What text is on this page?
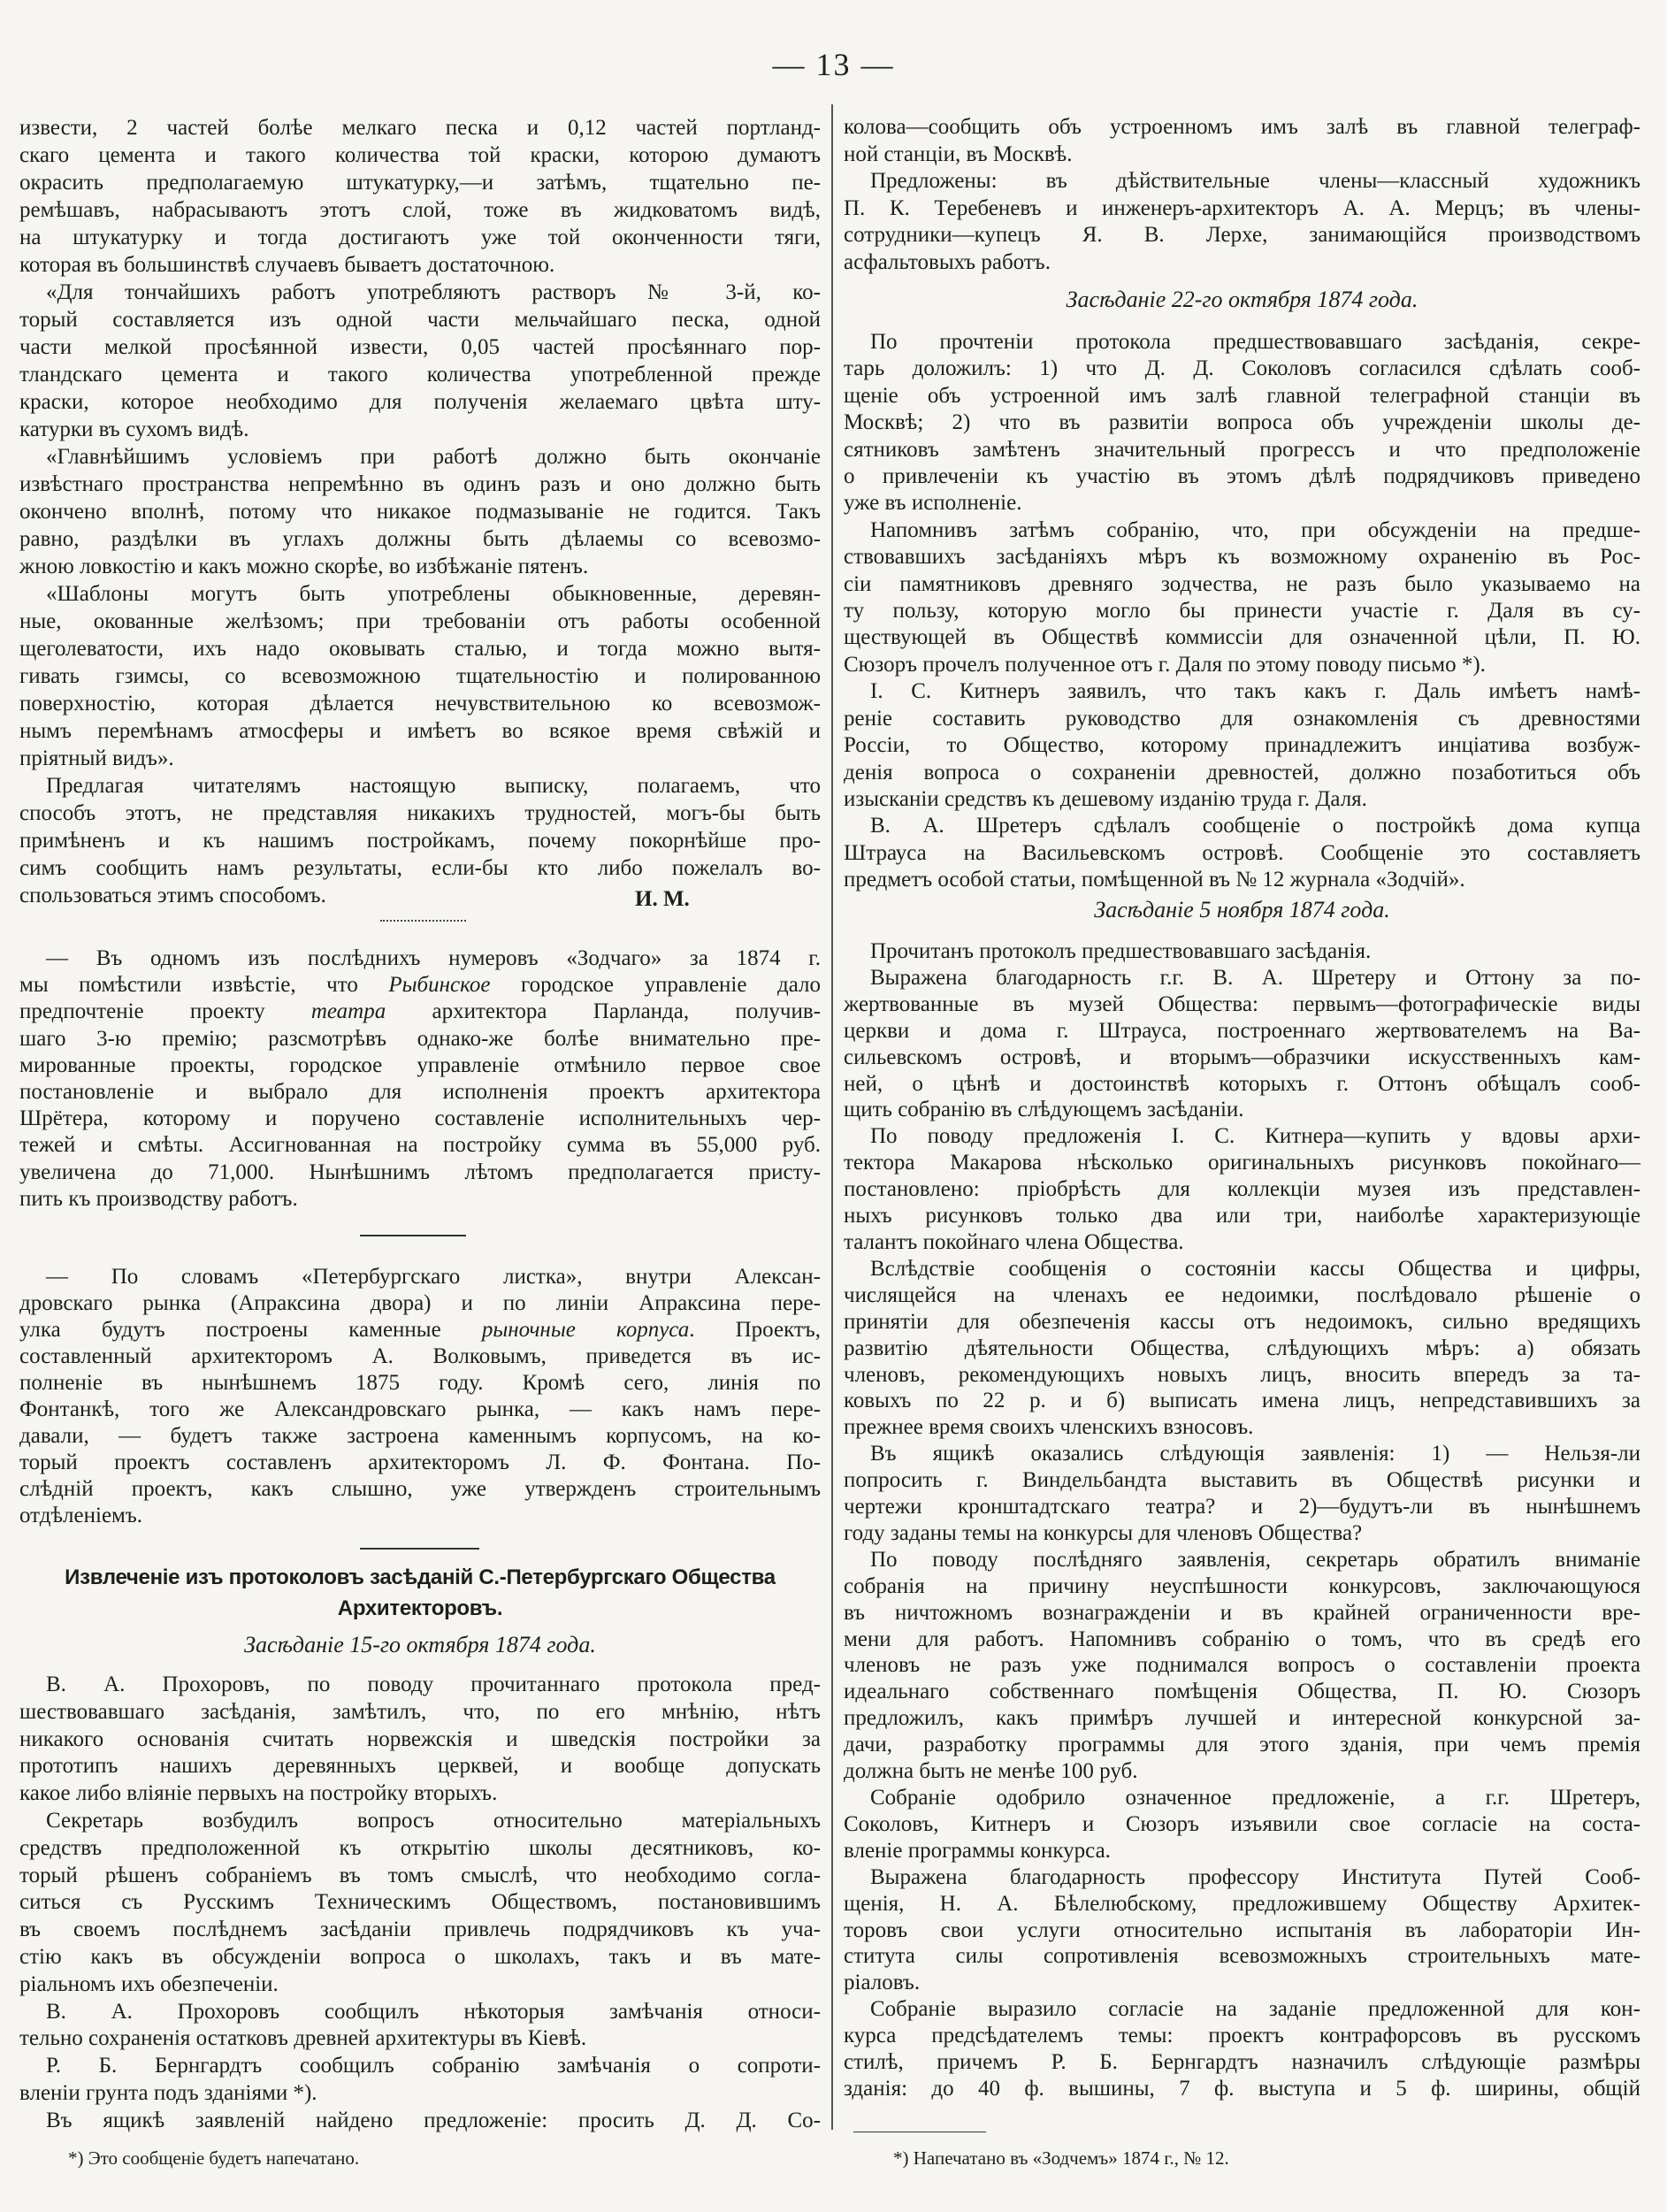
— 13 —
извести, 2 частей болѣе мелкаго песка и 0,12 частей портланд-
скаго цемента и такого количества той краски, которою думаютъ
окрасить предполагаемую штукатурку,—и затѣмъ, тщательно пе-
ремѣшавъ, набрасываютъ этотъ слой, тоже въ жидковатомъ видѣ,
на штукатурку и тогда достигаютъ уже той оконченности тяги,
которая въ большинствѣ случаевъ бываетъ достаточною.
«Для тончайшихъ работъ употребляютъ растворъ № 3-й, ко-
торый составляется изъ одной части мельчайшаго песка, одной
части мелкой просѣянной извести, 0,05 частей просѣяннаго пор-
тландскаго цемента и такого количества употребленной прежде
краски, которое необходимо для полученія желаемаго цвѣта шту-
катурки въ сухомъ видѣ.
«Главнѣйшимъ условіемъ при работѣ должно быть окончаніе
извѣстнаго пространства непремѣнно въ одинъ разъ и оно должно быть
окончено вполнѣ, потому что никакое подмазываніе не годится. Такъ
равно, раздѣлки въ углахъ должны быть дѣлаемы со всевозмо-
жною ловкостію и какъ можно скорѣе, во избѣжаніе пятенъ.
«Шаблоны могутъ быть употреблены обыкновенные, деревян-
ные, окованные желѣзомъ; при требованіи отъ работы особенной
щеголеватости, ихъ надо оковывать сталью, и тогда можно вытя-
гивать гзимсы, со всевозможною тщательностію и полированною
поверхностію, которая дѣлается нечувствительною ко всевозмож-
нымъ перемѣнамъ атмосферы и имѣетъ во всякое время свѣжій и
пріятный видъ».
Предлагая читателямъ настоящую выписку, полагаемъ, что
способъ этотъ, не представляя никакихъ трудностей, могъ-бы быть
примѣненъ и къ нашимъ постройкамъ, почему покорнѣйше про-
симъ сообщить намъ результаты, если-бы кто либо пожелалъ во-
спользоваться этимъ способомъ.	И. М.
— Въ одномъ изъ послѣднихъ нумеровъ «Зодчаго» за 1874 г.
мы помѣстили извѣстіе, что Рыбинское городское управленіе дало
предпочтеніе проекту театра архитектора Парланда, получив-
шаго 3-ю премію; разсмотрѣвъ однако-же болѣе внимательно пре-
мированные проекты, городское управленіе отмѣнило первое свое
постановленіе и выбрало для исполненія проектъ архитектора
Шрётера, которому и поручено составленіе исполнительныхъ чер-
тежей и смѣты. Ассигнованная на постройку сумма въ 55,000 руб.
увеличена до 71,000. Нынѣшнимъ лѣтомъ предполагается присту-
пить къ производству работъ.
— По словамъ «Петербургскаго листка», внутри Алексан-
дровскаго рынка (Апраксина двора) и по линіи Апраксина пере-
улка будутъ построены каменные рыночные корпуса. Проектъ,
составленный архитекторомъ А. Волковымъ, приведется въ ис-
полненіе въ нынѣшнемъ 1875 году. Кромѣ сего, линія по
Фонтанкѣ, того же Александровскаго рынка, — какъ намъ пере-
давали, — будетъ также застроена каменнымъ корпусомъ, на ко-
торый проектъ составленъ архитекторомъ Л. Ф. Фонтана. По-
слѣдній проектъ, какъ слышно, уже утвержденъ строительнымъ
отдѣленіемъ.
Извлеченіе изъ протоколовъ засѣданій С.-Петербургскаго Общества
Архитекторовъ.
Засѣданіе 15-го октября 1874 года.
В. А. Прохоровъ, по поводу прочитаннаго протокола пред-
шествовавшаго засѣданія, замѣтилъ, что, по его мнѣнію, нѣтъ
никакого основанія считать норвежскія и шведскія постройки за
прототипъ нашихъ деревянныхъ церквей, и вообще допускать
какое либо вліяніе первыхъ на постройку вторыхъ.
Секретарь возбудилъ вопросъ относительно матеріальныхъ
средствъ предположенной къ открытію школы десятниковъ, ко-
торый рѣшенъ собраніемъ въ томъ смыслѣ, что необходимо согла-
ситься съ Русскимъ Техническимъ Обществомъ, постановившимъ
въ своемъ послѣднемъ засѣданіи привлечь подрядчиковъ къ уча-
стію какъ въ обсужденіи вопроса о школахъ, такъ и въ мате-
ріальномъ ихъ обезпеченіи.
В. А. Прохоровъ сообщилъ нѣкоторыя замѣчанія относи-
тельно сохраненія остатковъ древней архитектуры въ Кіевѣ.
Р. Б. Бернгардтъ сообщилъ собранію замѣчанія о сопроти-
вленіи грунта подъ зданіями *).
Въ ящикѣ заявленій найдено предложеніе: просить Д. Д. Со-
*) Это сообщеніе будетъ напечатано.
колова—сообщить объ устроенномъ имъ залѣ въ главной телеграф-
ной станціи, въ Москвѣ.
Предложены: въ дѣйствительные члены—классный художникъ
П. К. Теребеневъ и инженеръ-архитекторъ А. А. Мерцъ; въ члены-
сотрудники—купецъ Я. В. Лерхе, занимающійся производствомъ
асфальтовыхъ работъ.
Засѣданіе 22-го октября 1874 года.
По прочтеніи протокола предшествовавшаго засѣданія, секре-
тарь доложилъ: 1) что Д. Д. Соколовъ согласился сдѣлать сооб-
щеніе объ устроенной имъ залѣ главной телеграфной станціи въ
Москвѣ; 2) что въ развитіи вопроса объ учрежденіи школы де-
сятниковъ замѣтенъ значительный прогрессъ и что предположеніе
о привлеченіи къ участію въ этомъ дѣлѣ подрядчиковъ приведено
уже въ исполненіе.
Напомнивъ затѣмъ собранію, что, при обсужденіи на предше-
ствовавшихъ засѣданіяхъ мѣръ къ возможному охраненію въ Рос-
сіи памятниковъ древняго зодчества, не разъ было указываемо на
ту пользу, которую могло бы принести участіе г. Даля въ су-
ществующей въ Обществѣ коммиссіи для означенной цѣли, П. Ю.
Сюзоръ прочелъ полученное отъ г. Даля по этому поводу письмо *).
I. С. Китнеръ заявилъ, что такъ какъ г. Даль имѣетъ намѣ-
реніе составить руководство для ознакомленія съ древностями
Россіи, то Общество, которому принадлежитъ инціатива возбуж-
денія вопроса о сохраненіи древностей, должно позаботиться объ
изысканіи средствъ къ дешевому изданію труда г. Даля.
В. А. Шретеръ сдѣлалъ сообщеніе о постройкѣ дома купца
Штрауса на Васильевскомъ островѣ. Сообщеніе это составляетъ
предметъ особой статьи, помѣщенной въ № 12 журнала «Зодчій».
Засѣданіе 5 ноября 1874 года.
Прочитанъ протоколъ предшествовавшаго засѣданія.
Выражена благодарность г.г. В. А. Шретеру и Оттону за по-
жертвованные въ музей Общества: первымъ—фотографическіе виды
церкви и дома г. Штрауса, построеннаго жертвователемъ на Ва-
сильевскомъ островѣ, и вторымъ—образчики искусственныхъ кам-
ней, о цѣнѣ и достоинствѣ которыхъ г. Оттонъ обѣщалъ сооб-
щить собранію въ слѣдующемъ засѣданіи.
По поводу предложенія I. С. Китнера—купить у вдовы архи-
тектора Макарова нѣсколько оригинальныхъ рисунковъ покойнаго—
постановлено: пріобрѣсть для коллекціи музея изъ представлен-
ныхъ рисунковъ только два или три, наиболѣе характеризующіе
талантъ покойнаго члена Общества.
Вслѣдствіе сообщенія о состояніи кассы Общества и цифры,
числящейся на членахъ ее недоимки, послѣдовало рѣшеніе о
принятіи для обезпеченія кассы отъ недоимокъ, сильно вредящихъ
развитію дѣятельности Общества, слѣдующихъ мѣръ: а) обязать
членовъ, рекомендующихъ новыхъ лицъ, вносить впередъ за та-
ковыхъ по 22 р. и б) выписать имена лицъ, непредставившихъ за
прежнее время своихъ членскихъ взносовъ.
Въ ящикѣ оказались слѣдующія заявленія: 1) — Нельзя-ли
попросить г. Виндельбандта выставить въ Обществѣ рисунки и
чертежи кронштадтскаго театра? и 2)—будутъ-ли въ нынѣшнемъ
году заданы темы на конкурсы для членовъ Общества?
По поводу послѣдняго заявленія, секретарь обратилъ вниманіе
собранія на причину неуспѣшности конкурсовъ, заключающуюся
въ ничтожномъ вознагражденіи и въ крайней ограниченности вре-
мени для работъ. Напомнивъ собранію о томъ, что въ средѣ его
членовъ не разъ уже поднимался вопросъ о составленіи проекта
идеальнаго собственнаго помѣщенія Общества, П. Ю. Сюзоръ
предложилъ, какъ примѣръ лучшей и интересной конкурсной за-
дачи, разработку программы для этого зданія, при чемъ премія
должна быть не менѣе 100 руб.
Собраніе одобрило означенное предложеніе, а г.г. Шретеръ,
Соколовъ, Китнеръ и Сюзоръ изъявили свое согласіе на соста-
вленіе программы конкурса.
Выражена благодарность профессору Института Путей Сооб-
щенія, Н. А. Бѣлелюбскому, предложившему Обществу Архитек-
торовъ свои услуги относительно испытанія въ лабораторіи Ин-
ститута силы сопротивленія всевозможныхъ строительныхъ мате-
ріаловъ.
Собраніе выразило согласіе на заданіе предложенной для кон-
курса предсѣдателемъ темы: проектъ контрафорсовъ въ русскомъ
стилѣ, причемъ Р. Б. Бернгардтъ назначилъ слѣдующіе размѣры
зданія: до 40 ф. вышины, 7 ф. выступа и 5 ф. ширины, общій
*) Напечатано въ «Зодчемъ» 1874 г., № 12.
